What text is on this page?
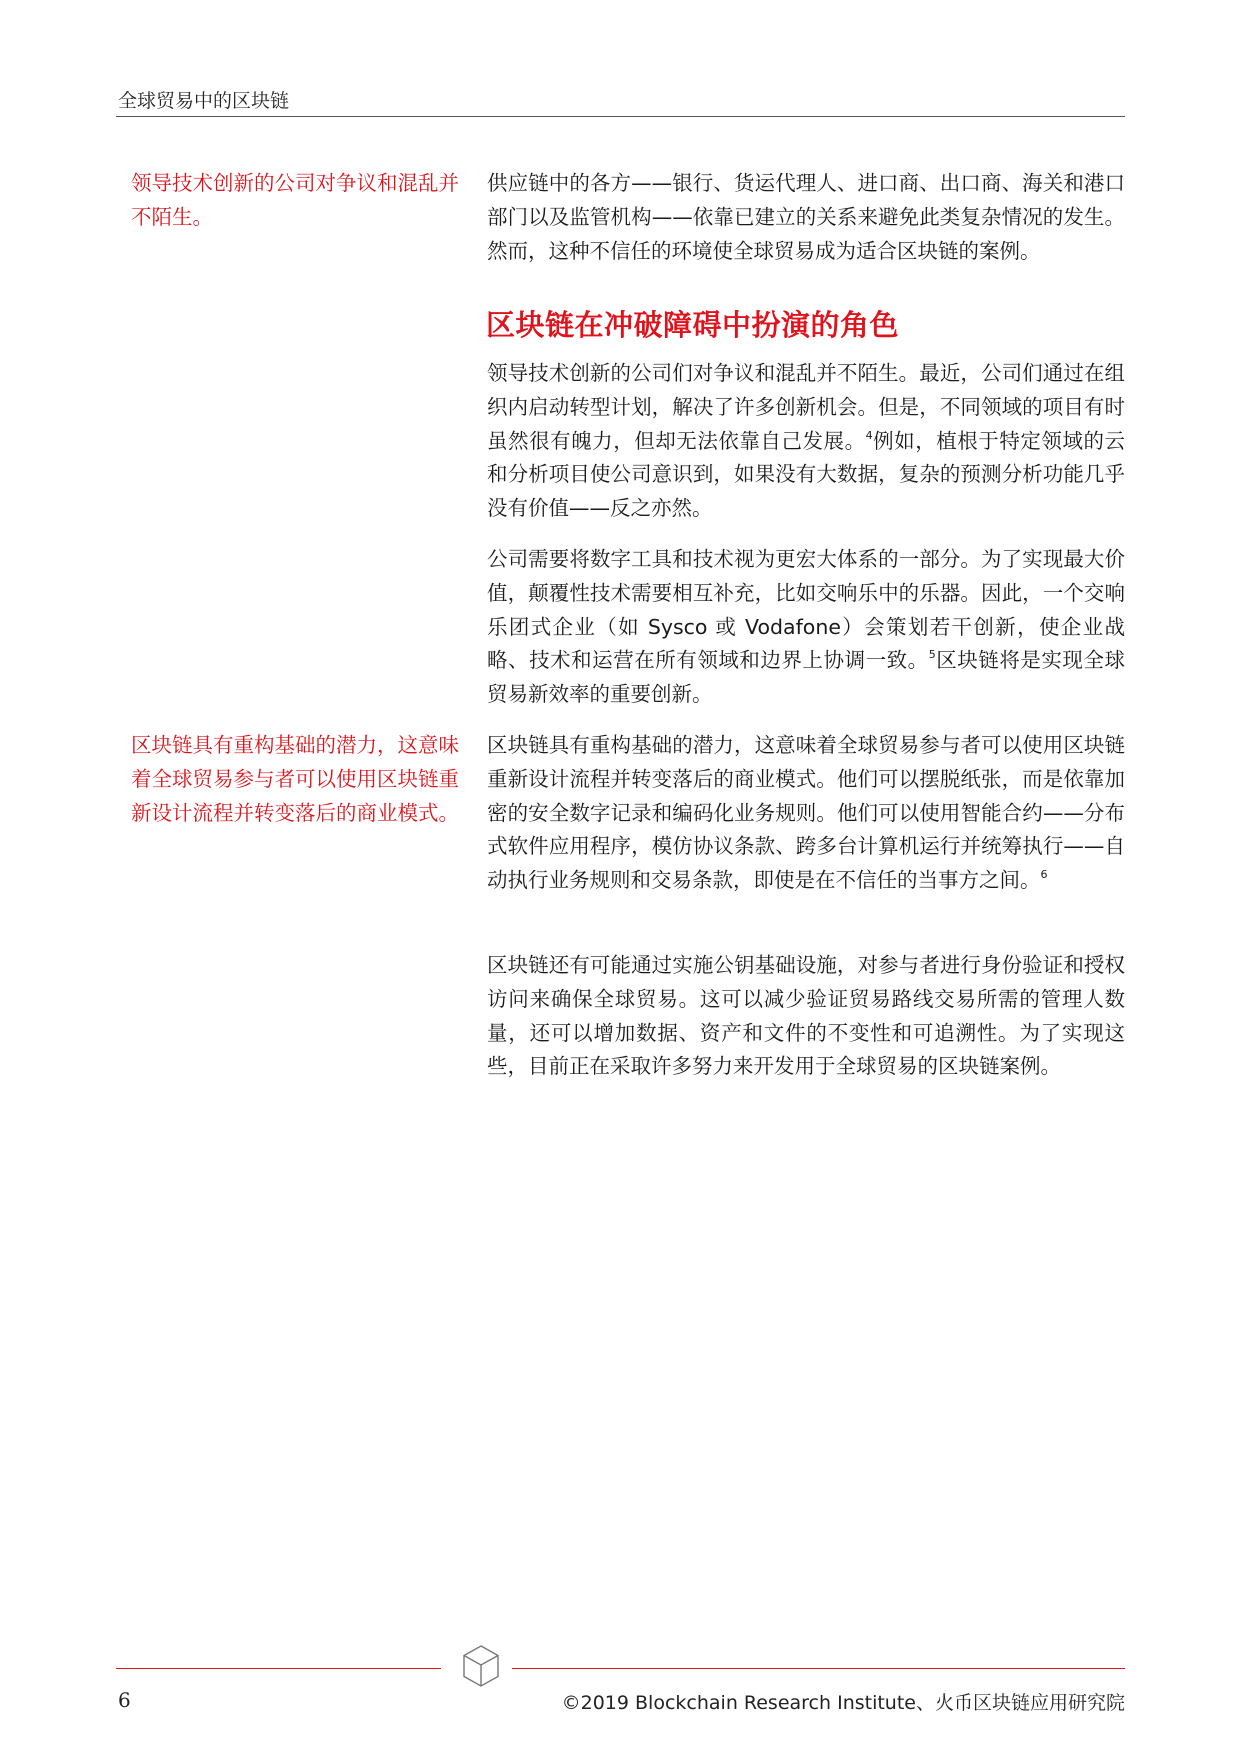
全球贸易中的区块链
领导技术创新的公司对争议和混乱并不陌生。

供应链中的各方——银行、货运代理人、进口商、出口商、海关和港口部门以及监管机构——依靠已建立的关系来避免此类复杂情况的发生。然而，这种不信任的环境使全球贸易成为适合区块链的案例。

区块链在冲破障碍中扮演的角色

领导技术创新的公司们对争议和混乱并不陌生。最近，公司们通过在组织内启动转型计划，解决了许多创新机会。但是，不同领域的项目有时虽然很有魄力，但却无法依靠自己发展。$^4$例如，植根于特定领域的云和分析项目使公司意识到，如果没有大数据，复杂的预测分析功能几乎没有价值——反之亦然。

公司需要将数字工具和技术视为更宏大体系的一部分。为了实现最大价值，颠覆性技术需要相互补充，比如交响乐中的乐器。因此，一个交响乐团式企业（如 Sysco 或 Vodafone）会策划若干创新，使企业战略、技术和运营在所有领域和边界上协调一致。$^5$区块链将是实现全球贸易新效率的重要创新。

区块链具有重构基础的潜力，这意味着全球贸易参与者可以使用区块链重新设计流程并转变落后的商业模式。

区块链具有重构基础的潜力，这意味着全球贸易参与者可以使用区块链重新设计流程并转变落后的商业模式。他们可以摆脱纸张，而是依靠加密的安全数字记录和编码化业务规则。他们可以使用智能合约——分布式软件应用程序，模仿协议条款、跨多台计算机运行并统筹执行——自动执行业务规则和交易条款，即使是在不信任的当事方之间。$^6$

区块链还有可能通过实施公钥基础设施，对参与者进行身份验证和授权访问来确保全球贸易。这可以减少验证贸易路线交易所需的管理人数量，还可以增加数据、资产和文件的不变性和可追溯性。为了实现这些，目前正在采取许多努力来开发用于全球贸易的区块链案例。

6	©2019 Blockchain Research Institute、火币区块链应用研究院
